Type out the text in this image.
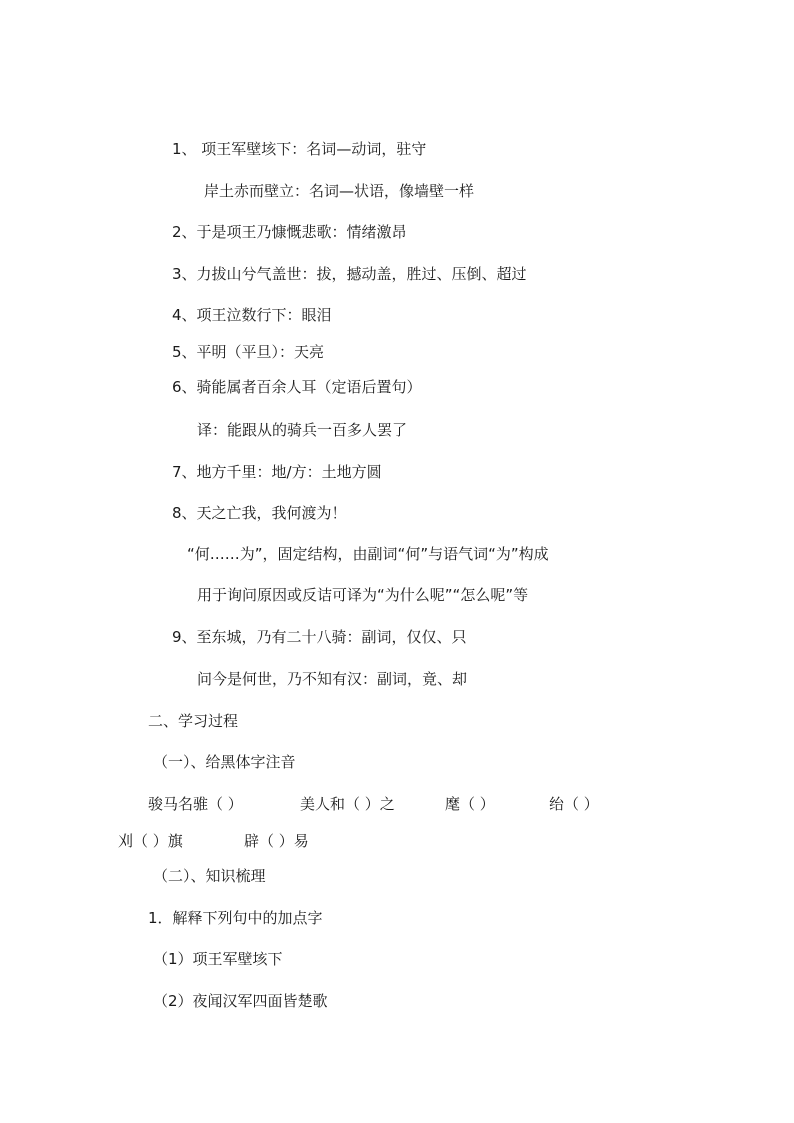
1、 项王军壁垓下：名词—动词，驻守
岸土赤而壁立：名词—状语，像墙壁一样
2、于是项王乃慷慨悲歌：情绪激昂
3、力拔山兮气盖世：拔，撼动盖，胜过、压倒、超过
4、项王泣数行下：眼泪
5、平明（平旦）：天亮
6、骑能属者百余人耳（定语后置句）
译：能跟从的骑兵一百多人罢了
7、地方千里：地/方：土地方圆
8、天之亡我，我何渡为！
“何……为”，固定结构，由副词“何”与语气词“为”构成
用于询问原因或反诘可译为“为什么呢”“怎么呢”等
9、至东城，乃有二十八骑：副词，仅仅、只
问今是何世，乃不知有汉：副词，竟、却
二、学习过程
（一）、给黑体字注音
骏马名骓（ ）	美人和（ ）之	麾（ ）	绐（ ）
刈（ ）旗	辟（ ）易
（二）、知识梳理
1．解释下列句中的加点字
（1）项王军壁垓下
（2）夜闻汉军四面皆楚歌
